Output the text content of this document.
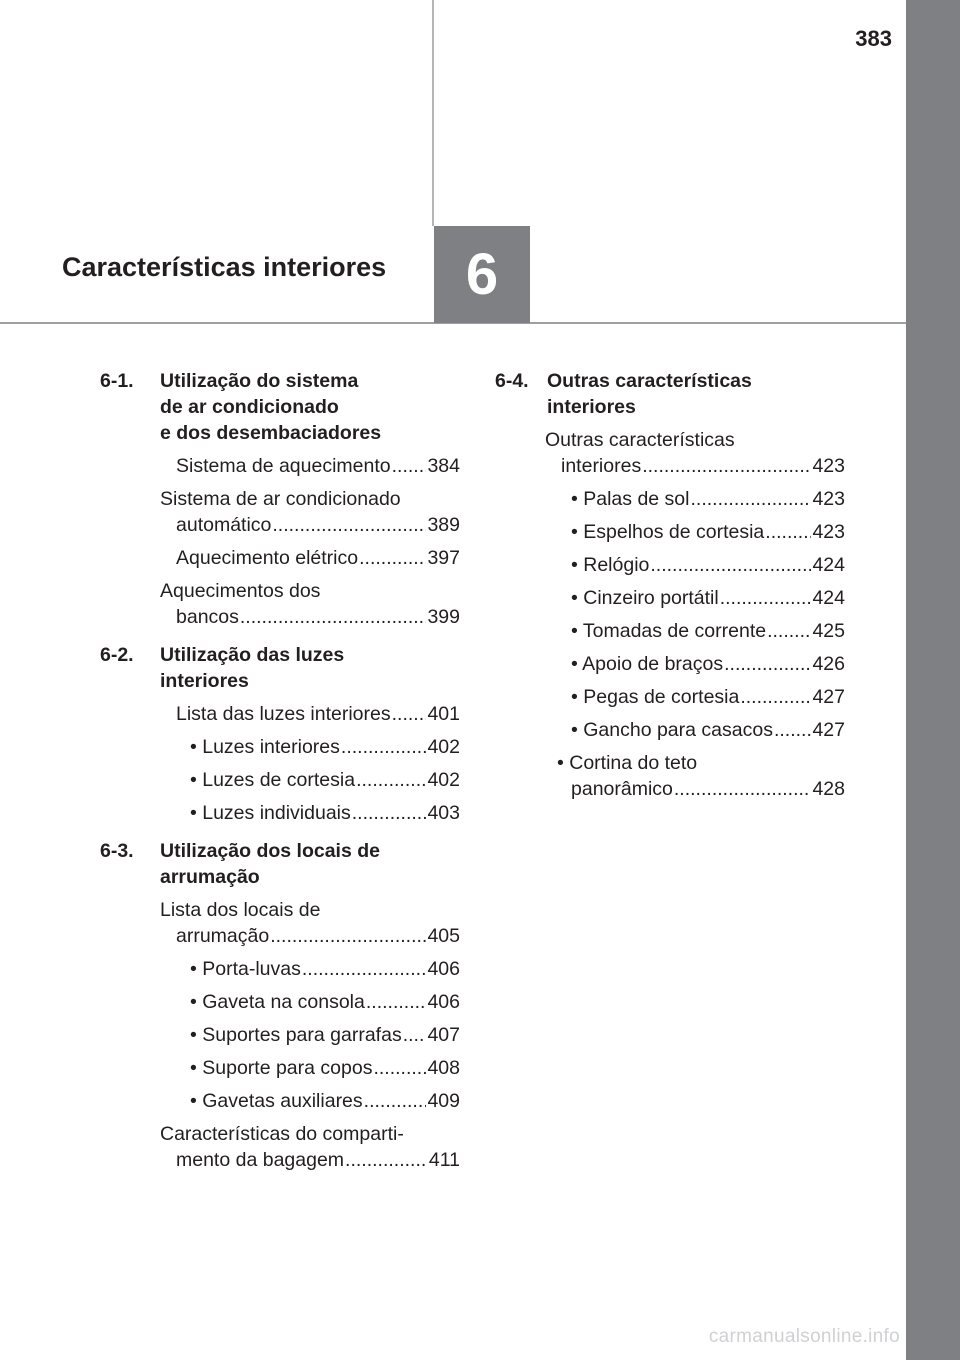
383
Características interiores	6
6-1. Utilização do sistema
de ar condicionado
e dos desembaciadores
Sistema de aquecimento ..... 384
Sistema de ar condicionado
automático .....	389
Aquecimento elétrico .....	397
Aquecimentos dos
bancos .....	399
6-2. Utilização das luzes
interiores
Lista das luzes interiores ..... 401
• Luzes interiores .....	402
• Luzes de cortesia .....	402
• Luzes individuais .....	403
6-3. Utilização dos locais de
arrumação
Lista dos locais de
arrumação .....	405
• Porta-luvas .....	406
• Gaveta na consola .....	406
• Suportes para garrafas ..... 407
• Suporte para copos .....	408
• Gavetas auxiliares .....	409
Características do comparti-
mento da bagagem .....	411
6-4. Outras características
interiores
Outras características
interiores .....	423
• Palas de sol .....	423
• Espelhos de cortesia ..... 423
• Relógio .....	424
• Cinzeiro portátil .....	424
• Tomadas de corrente ..... 425
• Apoio de braços .....	426
• Pegas de cortesia .....	427
• Gancho para casacos ..... 427
• Cortina do teto
panorâmico .....	428
carmanualsonline.info
